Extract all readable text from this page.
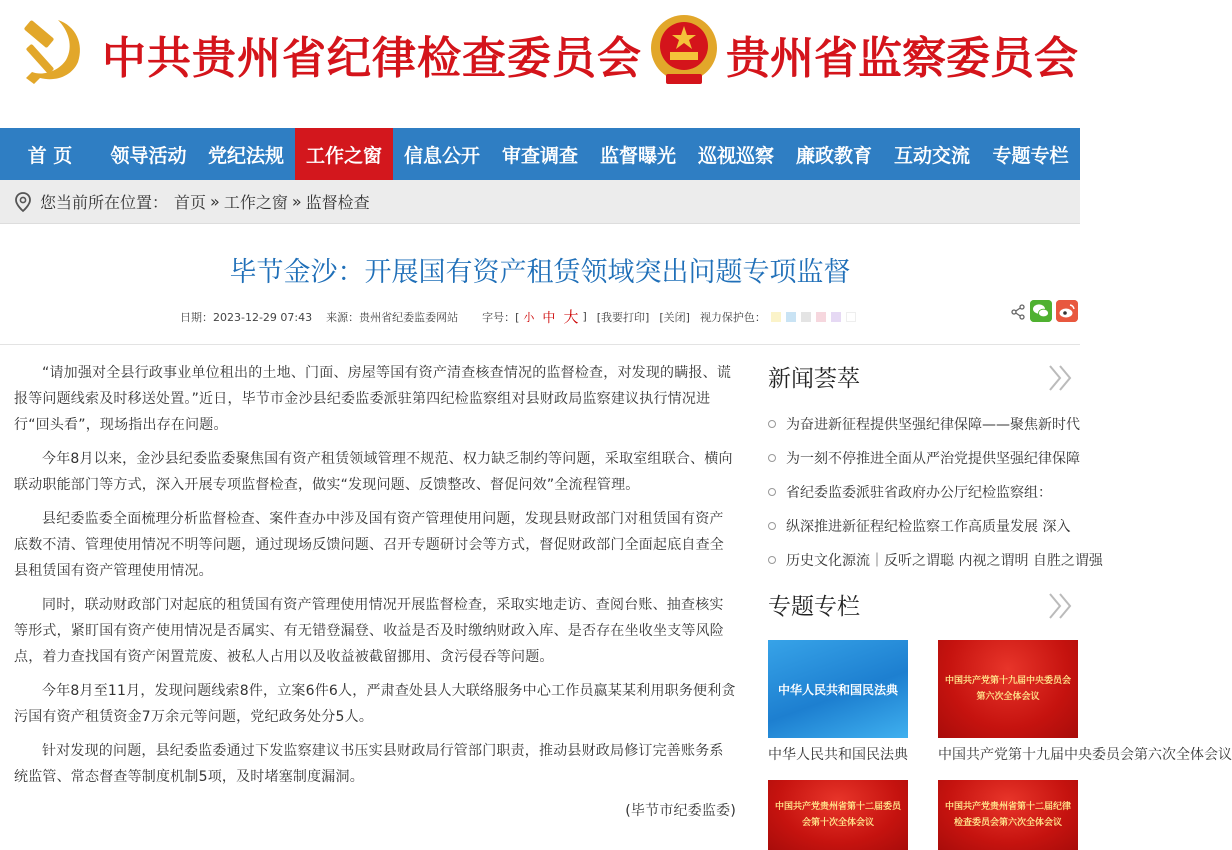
中共贵州省纪律检查委员会 贵州省监察委员会
首 页	领导活动	党纪法规	工作之窗	信息公开	审查调查	监督曝光	巡视巡察	廉政教育	互动交流	专题专栏
您当前所在位置： 首页 » 工作之窗 » 监督检查
毕节金沙：开展国有资产租赁领域突出问题专项监督
日期：2023-12-29 07:43 来源：贵州省纪委监委网站 字号：[ 小 中 大 ] [我要打印] [关闭] 视力保护色：

“请加强对全县行政事业单位租出的土地、门面、房屋等国有资产清查核查情况的监督检查，对发现的瞒报、谎报等问题线索及时移送处置。”近日，毕节市金沙县纪委监委派驻第四纪检监察组对县财政局监察建议执行情况进行“回头看”，现场指出存在问题。

今年8月以来，金沙县纪委监委聚焦国有资产租赁领域管理不规范、权力缺乏制约等问题，采取室组联合、横向联动职能部门等方式，深入开展专项监督检查，做实“发现问题、反馈整改、督促问效”全流程管理。

县纪委监委全面梳理分析监督检查、案件查办中涉及国有资产管理使用问题，发现县财政部门对租赁国有资产底数不清、管理使用情况不明等问题，通过现场反馈问题、召开专题研讨会等方式，督促财政部门全面起底自查全县租赁国有资产管理使用情况。

同时，联动财政部门对起底的租赁国有资产管理使用情况开展监督检查，采取实地走访、查阅台账、抽查核实等形式，紧盯国有资产使用情况是否属实、有无错登漏登、收益是否及时缴纳财政入库、是否存在坐收坐支等风险点，着力查找国有资产闲置荒废、被私人占用以及收益被截留挪用、贪污侵吞等问题。

今年8月至11月，发现问题线索8件，立案6件6人，严肃查处县人大联络服务中心工作员嬴某某利用职务便利贪污国有资产租赁资金7万余元等问题，党纪政务处分5人。

针对发现的问题，县纪委监委通过下发监察建议书压实县财政局行管部门职责，推动县财政局修订完善账务系统监管、常态督查等制度机制5项，及时堵塞制度漏洞。

(毕节市纪委监委)

新闻荟萃
为奋进新征程提供坚强纪律保障——聚焦新时代
为一刻不停推进全面从严治党提供坚强纪律保障
省纪委监委派驻省政府办公厅纪检监察组：
纵深推进新征程纪检监察工作高质量发展 深入
历史文化源流｜反听之谓聪 内视之谓明 自胜之谓强
专题专栏
中华人民共和国民法典
中华人民共和国民法典
中国共产党第十九届中央委员会第六次全体会议
中国共产党第十九届中央委员会第六次全体会议
中国共产党贵州省第十二届委员会第十次全体会议
中国共产党贵州省第十二届纪律检查委员会第六次全体会议
